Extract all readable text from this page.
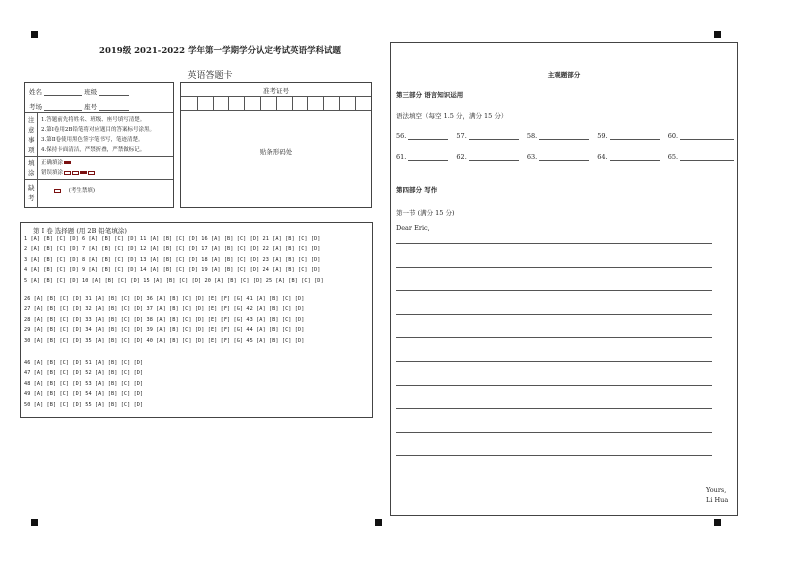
2019级 2021-2022 学年第一学期学分认定考试英语学科试题
英语答题卡
姓名	班级
考场	座号
注
意
事
项
1.答题前先将姓名、班级、座号填写清楚。
2.第Ⅰ卷用2B铅笔将对应题目的答案标号涂黑。
3.第Ⅱ卷使用黑色签字笔书写，笔迹清楚。
4.保持卡面清洁，严禁折叠，严禁做标记。
填
涂
正确填涂
错误填涂
缺
考
(考生禁填)
准考证号
贴条形码处
第 I 卷 选择题 (用 2B 铅笔填涂)
1 [A] [B] [C] [D] 6 [A] [B] [C] [D] 11 [A] [B] [C] [D] 16 [A] [B] [C] [D] 21 [A] [B] [C] [D]
2 [A] [B] [C] [D] 7 [A] [B] [C] [D] 12 [A] [B] [C] [D] 17 [A] [B] [C] [D] 22 [A] [B] [C] [D]
3 [A] [B] [C] [D] 8 [A] [B] [C] [D] 13 [A] [B] [C] [D] 18 [A] [B] [C] [D] 23 [A] [B] [C] [D]
4 [A] [B] [C] [D] 9 [A] [B] [C] [D] 14 [A] [B] [C] [D] 19 [A] [B] [C] [D] 24 [A] [B] [C] [D]
5 [A] [B] [C] [D] 10 [A] [B] [C] [D] 15 [A] [B] [C] [D] 20 [A] [B] [C] [D] 25 [A] [B] [C] [D]
26 [A] [B] [C] [D] 31 [A] [B] [C] [D] 36 [A] [B] [C] [D] [E] [F] [G] 41 [A] [B] [C] [D]
27 [A] [B] [C] [D] 32 [A] [B] [C] [D] 37 [A] [B] [C] [D] [E] [F] [G] 42 [A] [B] [C] [D]
28 [A] [B] [C] [D] 33 [A] [B] [C] [D] 38 [A] [B] [C] [D] [E] [F] [G] 43 [A] [B] [C] [D]
29 [A] [B] [C] [D] 34 [A] [B] [C] [D] 39 [A] [B] [C] [D] [E] [F] [G] 44 [A] [B] [C] [D]
30 [A] [B] [C] [D] 35 [A] [B] [C] [D] 40 [A] [B] [C] [D] [E] [F] [G] 45 [A] [B] [C] [D]
46 [A] [B] [C] [D] 51 [A] [B] [C] [D]
47 [A] [B] [C] [D] 52 [A] [B] [C] [D]
48 [A] [B] [C] [D] 53 [A] [B] [C] [D]
49 [A] [B] [C] [D] 54 [A] [B] [C] [D]
50 [A] [B] [C] [D] 55 [A] [B] [C] [D]
主观题部分
第三部分 语言知识运用
语法填空（每空 1.5 分，满分 15 分）
56.	57.	58.	59.	60.
61.	62.	63.	64.	65.
第四部分 写作
第一节 (满分 15 分)
Dear Eric,
Yours,
Li Hua
